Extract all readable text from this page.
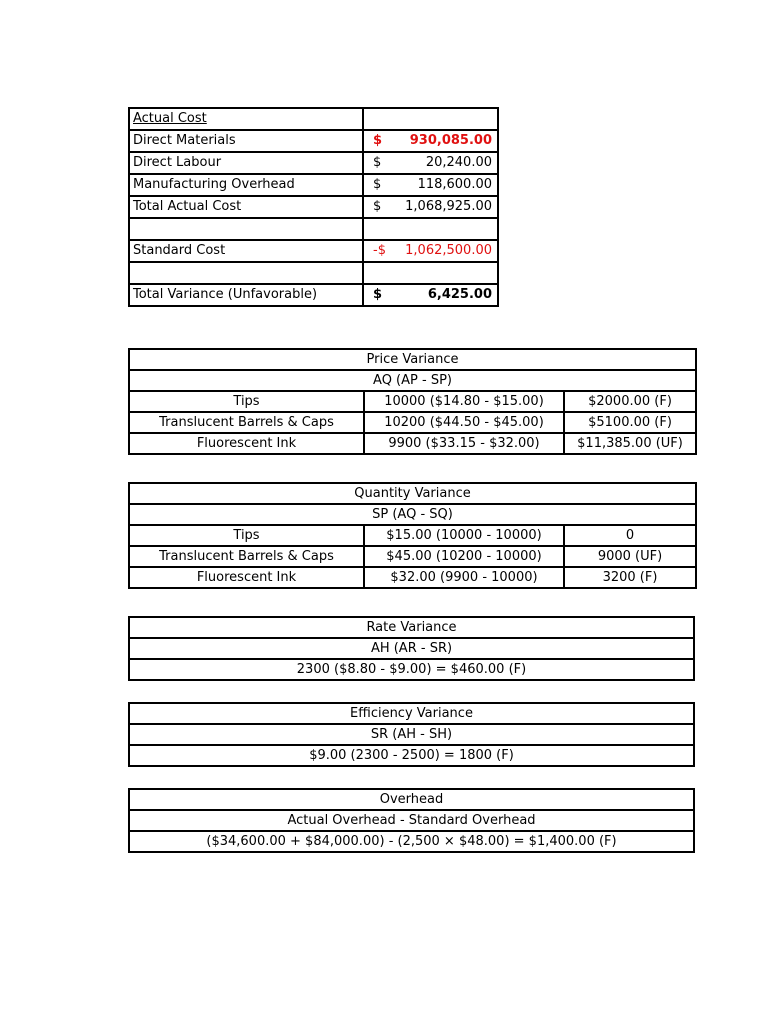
Actual Cost	
Direct Materials	$ 930,085.00

Direct Labour	$ 20,240.00

Manufacturing Overhead	$ 118,600.00

Total Actual Cost	$ 1,068,925.00

Standard Cost	-$ 1,062,500.00

Total Variance (Unfavorable)	$ 6,425.00
Price Variance		
AQ (AP - SP)		
Tips	10000 ($14.80 - $15.00)	$2000.00 (F)
Translucent Barrels & Caps	10200 ($44.50 - $45.00)	$5100.00 (F)
Fluorescent Ink	9900 ($33.15 - $32.00)	$11,385.00 (UF)
Quantity Variance		
SP (AQ - SQ)		
Tips	$15.00 (10000 - 10000)	0
Translucent Barrels & Caps	$45.00 (10200 - 10000)	9000 (UF)
Fluorescent Ink	$32.00 (9900 - 10000)	3200 (F)
Rate Variance
AH (AR - SR)
2300 ($8.80 - $9.00) = $460.00 (F)
Efficiency Variance
SR (AH - SH)
$9.00 (2300 - 2500) = 1800 (F)
Overhead
Actual Overhead - Standard Overhead
($34,600.00 + $84,000.00) - (2,500 × $48.00) = $1,400.00 (F)
